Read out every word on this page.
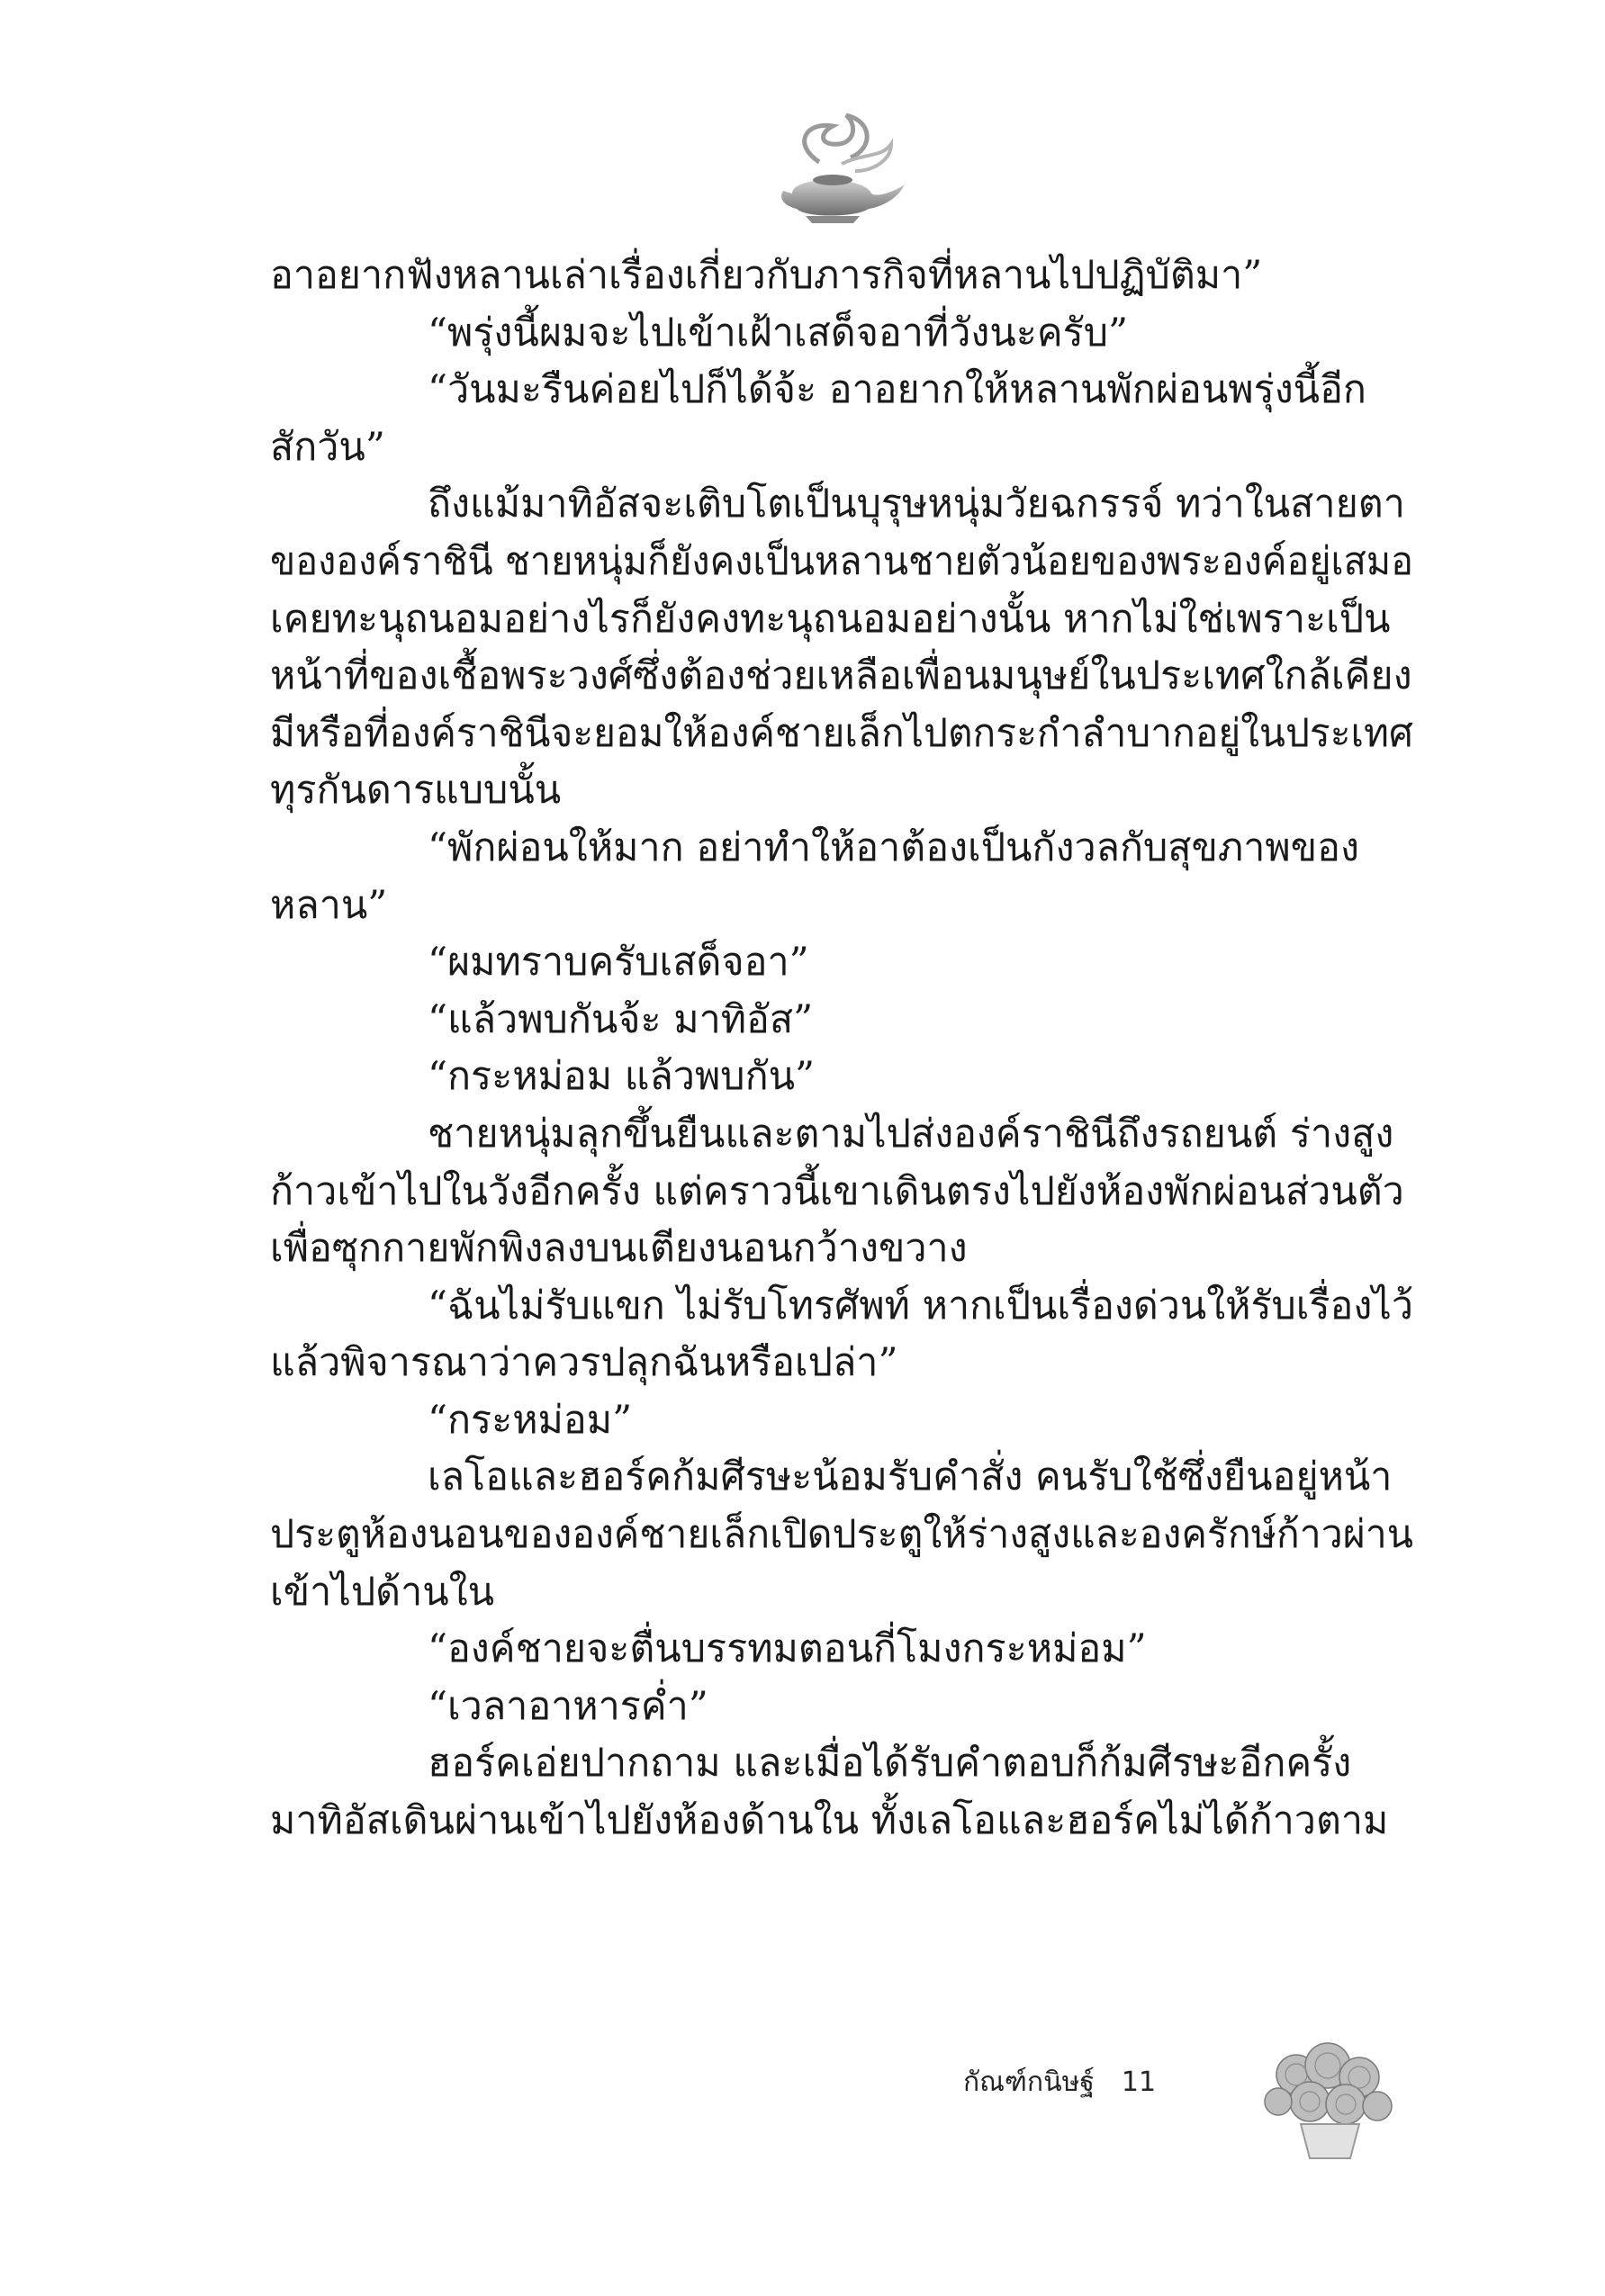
อาอยากฟังหลานเล่าเรื่องเกี่ยวกับภารกิจที่หลานไปปฏิบัติมา”
“พรุ่งนี้ผมจะไปเข้าเฝ้าเสด็จอาที่วังนะครับ”
“วันมะรืนค่อยไปก็ได้จ้ะ อาอยากให้หลานพักผ่อนพรุ่งนี้อีก
สักวัน”
ถึงแม้มาทิอัสจะเติบโตเป็นบุรุษหนุ่มวัยฉกรรจ์ ทว่าในสายตา
ขององค์ราชินี ชายหนุ่มก็ยังคงเป็นหลานชายตัวน้อยของพระองค์อยู่เสมอ
เคยทะนุถนอมอย่างไรก็ยังคงทะนุถนอมอย่างนั้น หากไม่ใช่เพราะเป็น
หน้าที่ของเชื้อพระวงศ์ซึ่งต้องช่วยเหลือเพื่อนมนุษย์ในประเทศใกล้เคียง
มีหรือที่องค์ราชินีจะยอมให้องค์ชายเล็กไปตกระกำลำบากอยู่ในประเทศ
ทุรกันดารแบบนั้น
“พักผ่อนให้มาก อย่าทำให้อาต้องเป็นกังวลกับสุขภาพของ
หลาน”
“ผมทราบครับเสด็จอา”
“แล้วพบกันจ้ะ มาทิอัส”
“กระหม่อม แล้วพบกัน”
ชายหนุ่มลุกขึ้นยืนและตามไปส่งองค์ราชินีถึงรถยนต์ ร่างสูง
ก้าวเข้าไปในวังอีกครั้ง แต่คราวนี้เขาเดินตรงไปยังห้องพักผ่อนส่วนตัว
เพื่อซุกกายพักพิงลงบนเตียงนอนกว้างขวาง
“ฉันไม่รับแขก ไม่รับโทรศัพท์ หากเป็นเรื่องด่วนให้รับเรื่องไว้
แล้วพิจารณาว่าควรปลุกฉันหรือเปล่า”
“กระหม่อม”
เลโอและฮอร์คก้มศีรษะน้อมรับคำสั่ง คนรับใช้ซึ่งยืนอยู่หน้า
ประตูห้องนอนขององค์ชายเล็กเปิดประตูให้ร่างสูงและองครักษ์ก้าวผ่าน
เข้าไปด้านใน
“องค์ชายจะตื่นบรรทมตอนกี่โมงกระหม่อม”
“เวลาอาหารค่ำ”
ฮอร์คเอ่ยปากถาม และเมื่อได้รับคำตอบก็ก้มศีรษะอีกครั้ง
มาทิอัสเดินผ่านเข้าไปยังห้องด้านใน ทั้งเลโอและฮอร์คไม่ได้ก้าวตาม
กัณฑ์กนิษฐ์ 11
